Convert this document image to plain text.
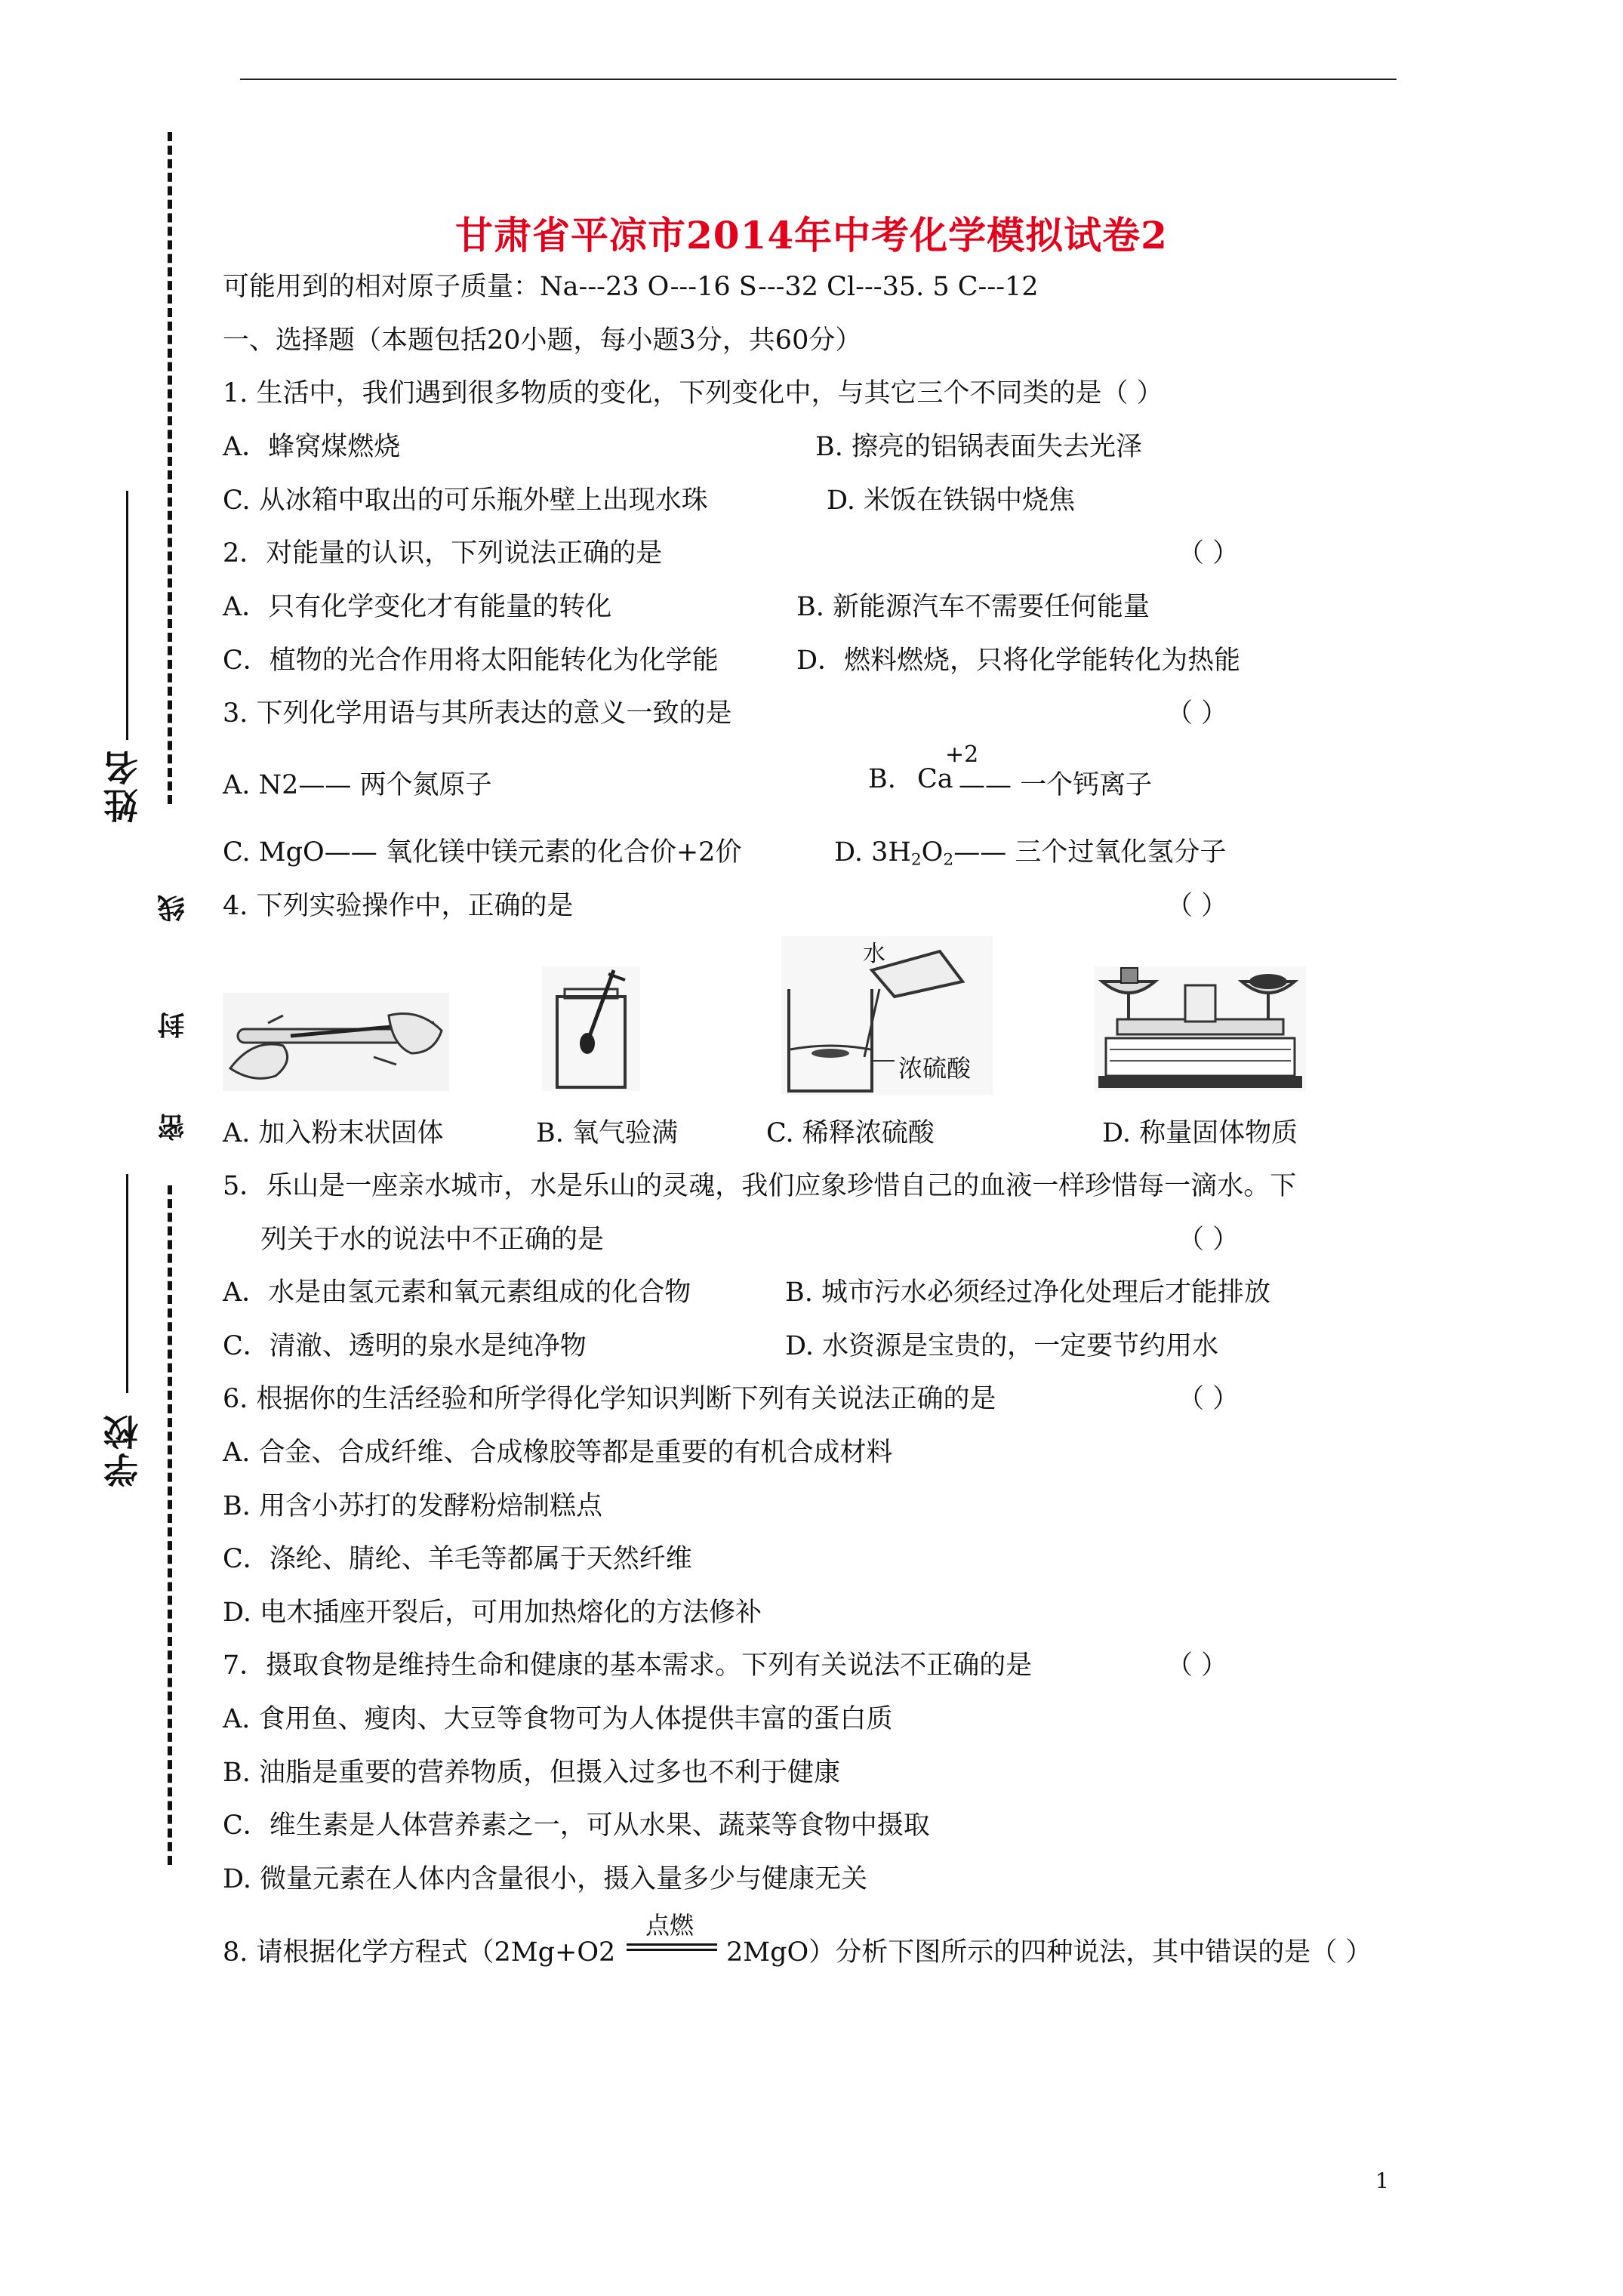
姓名
学校
线
封
密
甘肃省平凉市2014年中考化学模拟试卷2
可能用到的相对原子质量：Na---23 O---16 S---32 Cl---35. 5 C---12
一、选择题（本题包括20小题，每小题3分，共60分）
1. 生活中，我们遇到很多物质的变化，下列变化中，与其它三个不同类的是（ ）
A．蜂窝煤燃烧	B. 擦亮的铝锅表面失去光泽
C. 从冰箱中取出的可乐瓶外壁上出现水珠	D. 米饭在铁锅中烧焦
2．对能量的认识，下列说法正确的是	（ ）
A．只有化学变化才有能量的转化	B. 新能源汽车不需要任何能量
C．植物的光合作用将太阳能转化为化学能	D．燃料燃烧，只将化学能转化为热能
3. 下列化学用语与其所表达的意义一致的是	（ ）
A. N2—— 两个氮原子	B.
+2
Ca —— 一个钙离子
C. MgO—— 氧化镁中镁元素的化合价+2价	D. $3H_2O_2——$ 三个过氧化氢分子
4. 下列实验操作中，正确的是	（ ）
水
浓硫酸
A. 加入粉末状固体	B. 氧气验满	C. 稀释浓硫酸	D. 称量固体物质
5．乐山是一座亲水城市，水是乐山的灵魂，我们应象珍惜自己的血液一样珍惜每一滴水。下
列关于水的说法中不正确的是	（ ）
A．水是由氢元素和氧元素组成的化合物	B. 城市污水必须经过净化处理后才能排放
C．清澈、透明的泉水是纯净物	D. 水资源是宝贵的，一定要节约用水
6. 根据你的生活经验和所学得化学知识判断下列有关说法正确的是	（ ）
A. 合金、合成纤维、合成橡胶等都是重要的有机合成材料
B. 用含小苏打的发酵粉焙制糕点
C．涤纶、腈纶、羊毛等都属于天然纤维
D. 电木插座开裂后，可用加热熔化的方法修补
7．摄取食物是维持生命和健康的基本需求。下列有关说法不正确的是	（ ）
A. 食用鱼、瘦肉、大豆等食物可为人体提供丰富的蛋白质
B. 油脂是重要的营养物质，但摄入过多也不利于健康
C．维生素是人体营养素之一，可从水果、蔬菜等食物中摄取
D. 微量元素在人体内含量很小，摄入量多少与健康无关
8. 请根据化学方程式（2Mg+O2
点燃
2MgO）分析下图所示的四种说法，其中错误的是（ ）
1
